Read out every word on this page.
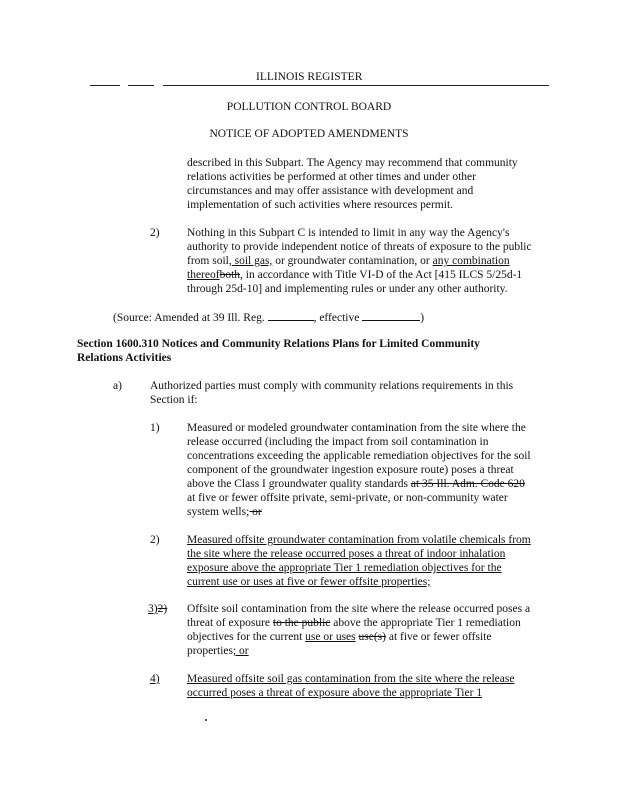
ILLINOIS REGISTER
POLLUTION CONTROL BOARD
NOTICE OF ADOPTED AMENDMENTS
described in this Subpart. The Agency may recommend that community
relations activities be performed at other times and under other
circumstances and may offer assistance with development and
implementation of such activities where resources permit.
2) Nothing in this Subpart C is intended to limit in any way the Agency's
authority to provide independent notice of threats of exposure to the public
from soil, soil gas, or groundwater contamination, or any combination
thereofboth, in accordance with Title VI-D of the Act [415 ILCS 5/25d-1
through 25d-10] and implementing rules or under any other authority.
(Source: Amended at 39 Ill. Reg.	, effective	)
Section 1600.310 Notices and Community Relations Plans for Limited Community
Relations Activities
a) Authorized parties must comply with community relations requirements in this
Section if:
1) Measured or modeled groundwater contamination from the site where the
release occurred (including the impact from soil contamination in
concentrations exceeding the applicable remediation objectives for the soil
component of the groundwater ingestion exposure route) poses a threat
above the Class I groundwater quality standards at 35 Ill. Adm. Code 620
at five or fewer offsite private, semi-private, or non-community water
system wells; or
2) Measured offsite groundwater contamination from volatile chemicals from
the site where the release occurred poses a threat of indoor inhalation
exposure above the appropriate Tier 1 remediation objectives for the
current use or uses at five or fewer offsite properties;
3)2) Offsite soil contamination from the site where the release occurred poses a
threat of exposure to the public above the appropriate Tier 1 remediation
objectives for the current use or uses use(s) at five or fewer offsite
properties; or
4) Measured offsite soil gas contamination from the site where the release
occurred poses a threat of exposure above the appropriate Tier 1
